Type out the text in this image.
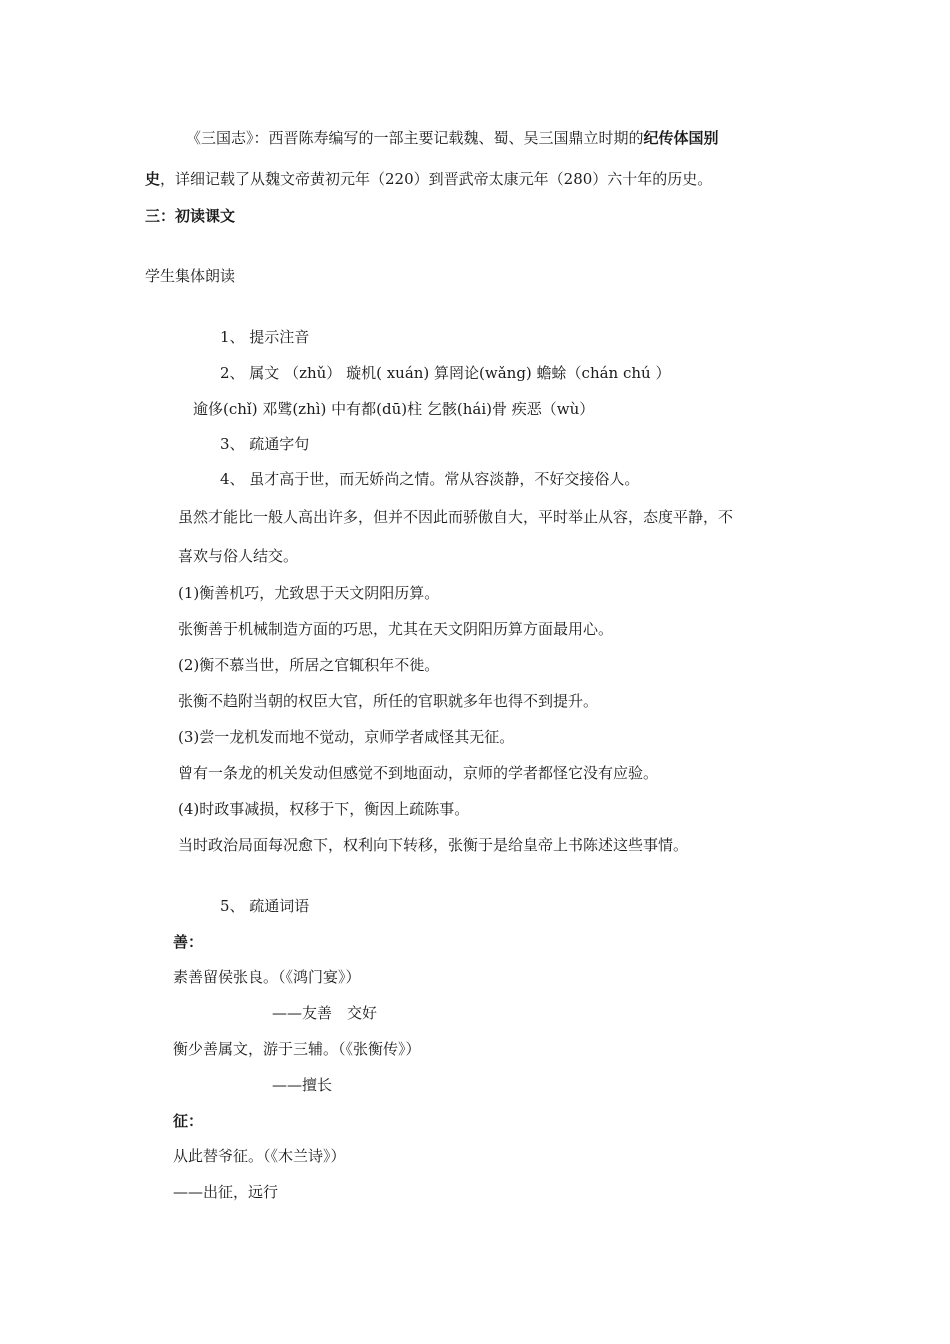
《三国志》：西晋陈寿编写的一部主要记载魏、蜀、吴三国鼎立时期的纪传体国别
史，详细记载了从魏文帝黄初元年（220）到晋武帝太康元年（280）六十年的历史。
三：初读课文
学生集体朗读
1、 提示注音
2、 属文 （zhǔ） 璇机( xuán) 算罔论(wǎng) 蟾蜍（chán chú ）
逾侈(chǐ) 邓骘(zhì) 中有都(dū)柱 乞骸(hái)骨 疾恶（wù）
3、 疏通字句
4、 虽才高于世，而无娇尚之情。常从容淡静，不好交接俗人。
虽然才能比一般人高出许多，但并不因此而骄傲自大，平时举止从容，态度平静，不
喜欢与俗人结交。
(1)衡善机巧，尤致思于天文阴阳历算。
张衡善于机械制造方面的巧思，尤其在天文阴阳历算方面最用心。
(2)衡不慕当世，所居之官辄积年不徙。
张衡不趋附当朝的权臣大官，所任的官职就多年也得不到提升。
(3)尝一龙机发而地不觉动，京师学者咸怪其无征。
曾有一条龙的机关发动但感觉不到地面动，京师的学者都怪它没有应验。
(4)时政事减损，权移于下，衡因上疏陈事。
当时政治局面每况愈下，权利向下转移，张衡于是给皇帝上书陈述这些事情。
5、 疏通词语
善：
素善留侯张良。（《鸿门宴》）
——友善　交好
衡少善属文，游于三辅。（《张衡传》）
——擅长
征：
从此替爷征。（《木兰诗》）
——出征，远行
